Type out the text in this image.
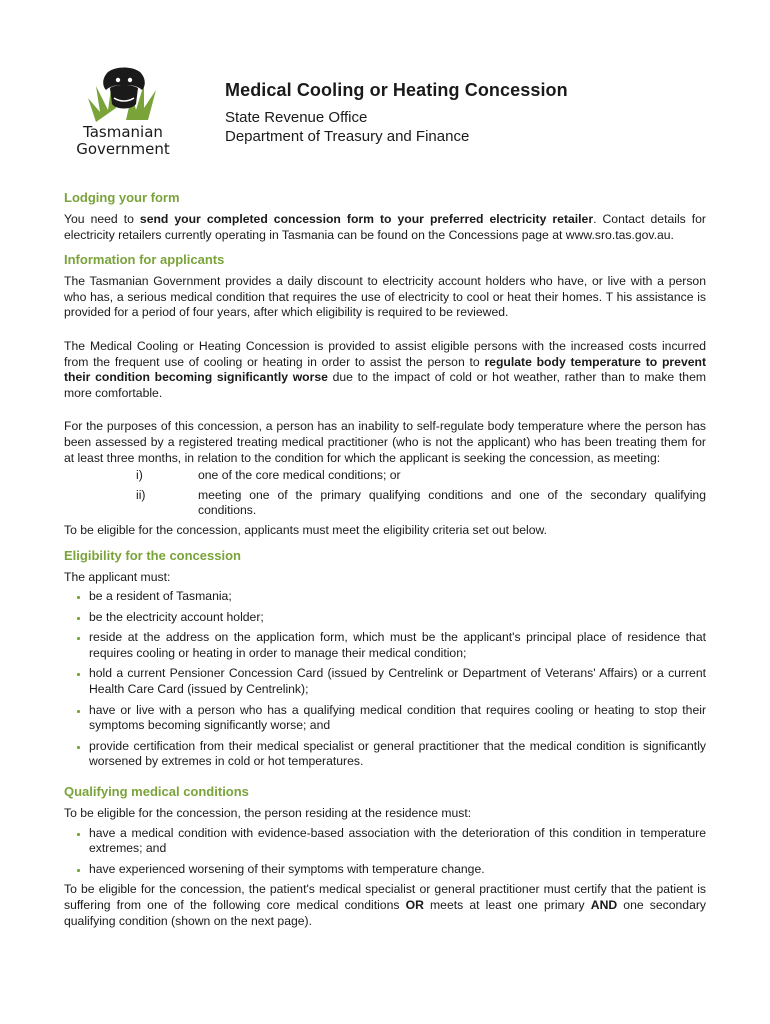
Tasmanian
Government

Medical Cooling or Heating Concession

State Revenue Office

Department of Treasury and Finance

Lodging your form

You need to send your completed concession form to your preferred electricity retailer. Contact details for electricity retailers currently operating in Tasmania can be found on the Concessions page at www.sro.tas.gov.au.

Information for applicants

The Tasmanian Government provides a daily discount to electricity account holders who have, or live with a person who has, a serious medical condition that requires the use of electricity to cool or heat their homes. T his assistance is provided for a period of four years, after which eligibility is required to be reviewed.

The Medical Cooling or Heating Concession is provided to assist eligible persons with the increased costs incurred from the frequent use of cooling or heating in order to assist the person to regulate body temperature to prevent their condition becoming significantly worse due to the impact of cold or hot weather, rather than to make them more comfortable.

For the purposes of this concession, a person has an inability to self-regulate body temperature where the person has been assessed by a registered treating medical practitioner (who is not the applicant) who has been treating them for at least three months, in relation to the condition for which the applicant is seeking the concession, as meeting:

i)	one of the core medical conditions; or
ii)	meeting one of the primary qualifying conditions and one of the secondary qualifying conditions.

To be eligible for the concession, applicants must meet the eligibility criteria set out below.

Eligibility for the concession

The applicant must:

be a resident of Tasmania;
be the electricity account holder;
reside at the address on the application form, which must be the applicant's principal place of residence that requires cooling or heating in order to manage their medical condition;
hold a current Pensioner Concession Card (issued by Centrelink or Department of Veterans' Affairs) or a current Health Care Card (issued by Centrelink);
have or live with a person who has a qualifying medical condition that requires cooling or heating to stop their symptoms becoming significantly worse; and
provide certification from their medical specialist or general practitioner that the medical condition is significantly worsened by extremes in cold or hot temperatures.
Qualifying medical conditions

To be eligible for the concession, the person residing at the residence must:

have a medical condition with evidence-based association with the deterioration of this condition in temperature extremes; and
have experienced worsening of their symptoms with temperature change.

To be eligible for the concession, the patient's medical specialist or general practitioner must certify that the patient is suffering from one of the following core medical conditions OR meets at least one primary AND one secondary qualifying condition (shown on the next page).
